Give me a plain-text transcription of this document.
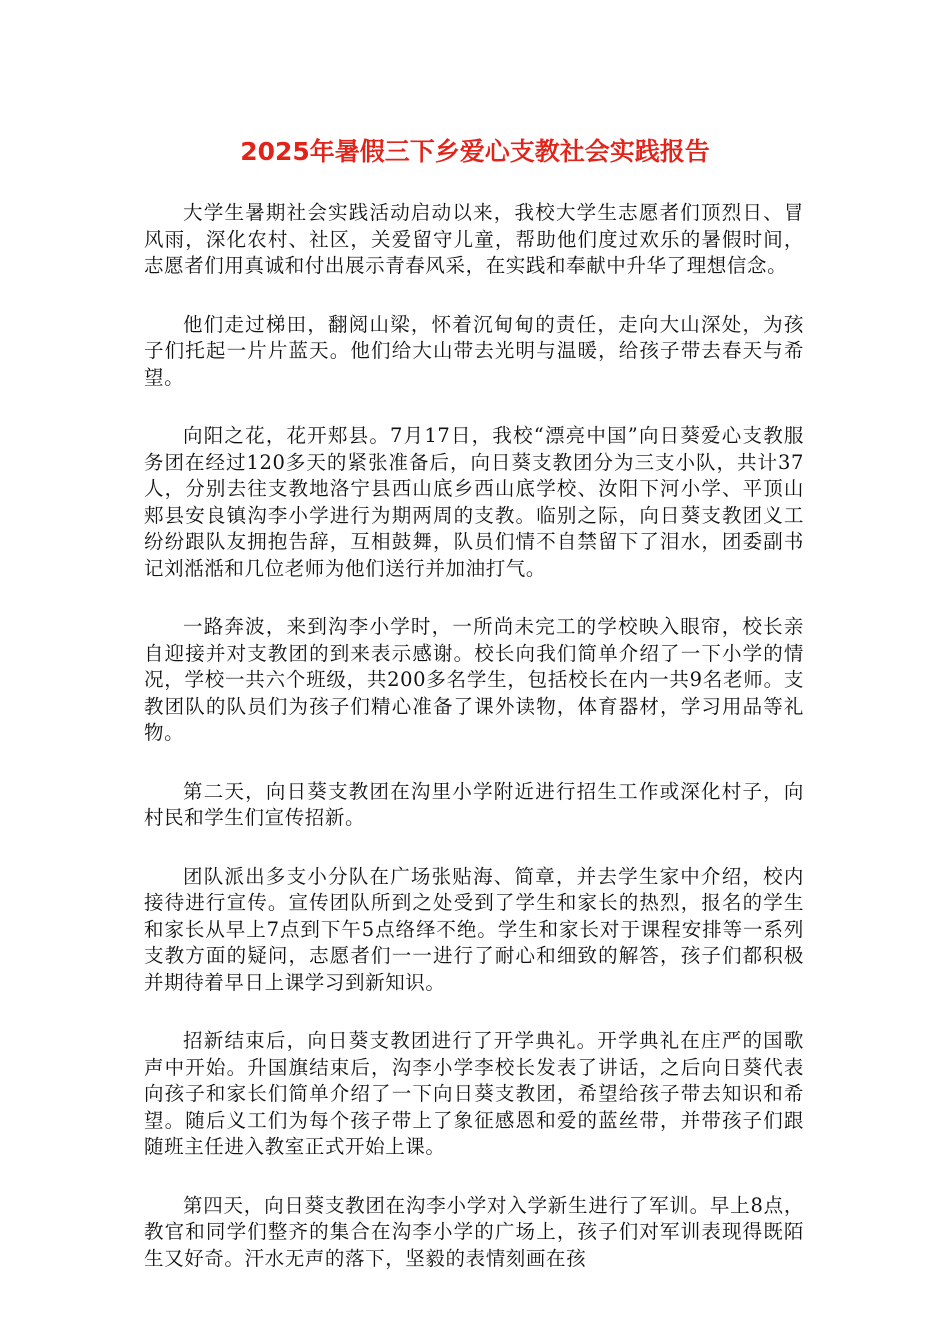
2025年暑假三下乡爱心支教社会实践报告

大学生暑期社会实践活动启动以来，我校大学生志愿者们顶烈日、冒风雨，深化农村、社区，关爱留守儿童，帮助他们度过欢乐的暑假时间，志愿者们用真诚和付出展示青春风采，在实践和奉献中升华了理想信念。

他们走过梯田，翻阅山梁，怀着沉甸甸的责任，走向大山深处，为孩子们托起一片片蓝天。他们给大山带去光明与温暖，给孩子带去春天与希望。

向阳之花，花开郏县。7月17日，我校“漂亮中国”向日葵爱心支教服务团在经过120多天的紧张准备后，向日葵支教团分为三支小队，共计37人，分别去往支教地洛宁县西山底乡西山底学校、汝阳下河小学、平顶山郏县安良镇沟李小学进行为期两周的支教。临别之际，向日葵支教团义工纷纷跟队友拥抱告辞，互相鼓舞，队员们情不自禁留下了泪水，团委副书记刘湉湉和几位老师为他们送行并加油打气。

一路奔波，来到沟李小学时，一所尚未完工的学校映入眼帘，校长亲自迎接并对支教团的到来表示感谢。校长向我们简单介绍了一下小学的情况，学校一共六个班级，共200多名学生，包括校长在内一共9名老师。支教团队的队员们为孩子们精心准备了课外读物，体育器材，学习用品等礼物。

第二天，向日葵支教团在沟里小学附近进行招生工作或深化村子，向村民和学生们宣传招新。

团队派出多支小分队在广场张贴海、简章，并去学生家中介绍，校内接待进行宣传。宣传团队所到之处受到了学生和家长的热烈，报名的学生和家长从早上7点到下午5点络绎不绝。学生和家长对于课程安排等一系列支教方面的疑问，志愿者们一一进行了耐心和细致的解答，孩子们都积极并期待着早日上课学习到新知识。

招新结束后，向日葵支教团进行了开学典礼。开学典礼在庄严的国歌声中开始。升国旗结束后，沟李小学李校长发表了讲话，之后向日葵代表向孩子和家长们简单介绍了一下向日葵支教团，希望给孩子带去知识和希望。随后义工们为每个孩子带上了象征感恩和爱的蓝丝带，并带孩子们跟随班主任进入教室正式开始上课。

第四天，向日葵支教团在沟李小学对入学新生进行了军训。早上8点，教官和同学们整齐的集合在沟李小学的广场上，孩子们对军训表现得既陌生又好奇。汗水无声的落下，坚毅的表情刻画在孩
